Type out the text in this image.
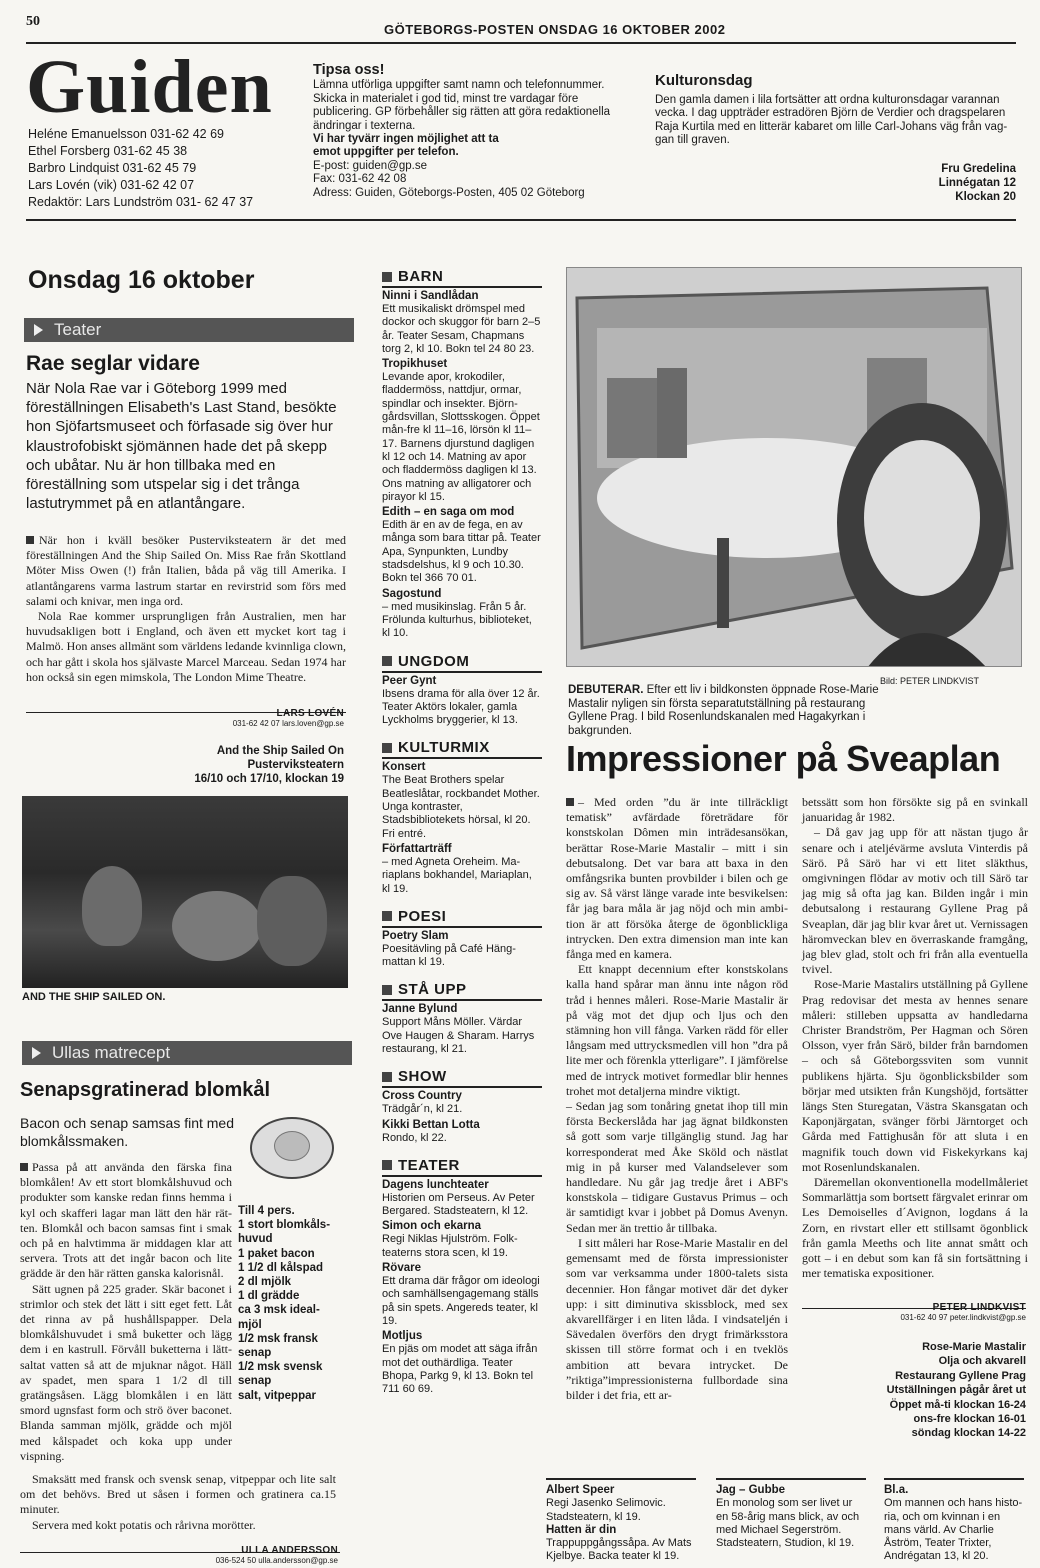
50
GÖTEBORGS-POSTEN ONSDAG 16 OKTOBER 2002
Guiden
Heléne Emanuelsson 031-62 42 69
Ethel Forsberg 031-62 45 38
Barbro Lindquist 031-62 45 79
Lars Lovén (vik) 031-62 42 07
Redaktör: Lars Lundström 031- 62 47 37
Tipsa oss!
Lämna utförliga uppgifter samt namn och telefonnummer.
Skicka in materialet i god tid, minst tre vardagar före
publicering. GP förbehåller sig rätten att göra redaktionella
ändringar i texterna.
Vi har tyvärr ingen möjlighet att ta
emot uppgifter per telefon.
E-post: guiden@gp.se
Fax: 031-62 42 08
Adress: Guiden, Göteborgs-Posten, 405 02 Göteborg
Kulturonsdag
Den gamla damen i lila fortsätter att ordna kulturonsdagar varannan
vecka. I dag uppträder estradören Björn de Verdier och dragspelaren
Raja Kurtila med en litterär kabaret om lille Carl-Johans väg från vag-
gan till graven.
Fru Gredelina
Linnégatan 12
Klockan 20
Onsdag 16 oktober
Teater
Rae seglar vidare
När Nola Rae var i Göteborg 1999 med föreställningen Elisabeth's Last Stand, besökte hon Sjöfartsmuseet och förfasade sig över hur klaustrofobiskt sjömännen hade det på skepp och ubåtar. Nu är hon tillbaka med en föreställning som utspelar sig i det trånga lastutrymmet på en atlantångare.

När hon i kväll besöker Pusterviksteatern är det med föreställningen And the Ship Sailed On. Miss Rae från Skottland Möter Miss Owen (!) från Italien, båda på väg till Amerika. I atlantångarens varma lastrum startar en revirstrid som förs med salami och knivar, men inga ord.

Nola Rae kommer ursprungligen från Australien, men har huvudsakligen bott i England, och även ett mycket kort tag i Malmö. Hon anses allmänt som världens ledande kvinnliga clown, och har gått i skola hos självaste Marcel Marceau. Sedan 1974 har hon också sin egen mimskola, The London Mime Theatre.

LARS LOVÉN
031-62 42 07 lars.loven@gp.se
And the Ship Sailed On
Pusterviksteatern
16/10 och 17/10, klockan 19
AND THE SHIP SAILED ON.
Ullas matrecept
Senapsgratinerad blomkål
Bacon och senap samsas fint med blomkålssmaken.

Passa på att använda den färska fina blomkålen! Av ett stort blomkålshuvud och produkter som kanske redan finns hemma i kyl och skafferi lagar man lätt den här rätten. Blomkål och bacon samsas fint i smak och på en halvtimma är middagen klar att servera. Trots att det ingår bacon och lite grädde är den här rätten ganska kalorisnål.

Sätt ugnen på 225 grader. Skär baconet i strimlor och stek det lätt i sitt eget fett. Låt det rinna av på hushållspapper. Dela blomkålshuvudet i små buketter och lägg dem i en kastrull. Förvåll buketterna i lättsaltat vatten så att de mjuknar något. Häll av spadet, men spara 1 1/2 dl till gratängsåsen. Lägg blomkålen i en lätt smord ugnsfast form och strö över baconet. Blanda samman mjölk, grädde och mjöl med kålspadet och koka upp under vispning.

Smaksätt med fransk och svensk senap, vitpeppar och lite salt om det behövs. Bred ut såsen i formen och gratinera ca.15 minuter.

Servera med kokt potatis och rårivna morötter.

Till 4 pers.
1 stort blomkålshuvud
1 paket bacon
1 1/2 dl kålspad
2 dl mjölk
1 dl grädde
ca 3 msk idealmjöl
1/2 msk fransk senap
1/2 msk svensk senap
salt, vitpeppar
ULLA ANDERSSON
036-524 50 ulla.andersson@gp.se
BARN
Ninni i Sandlådan
Ett musikaliskt drömspel med dockor och skuggor för barn 2–5 år. Teater Sesam, Chapmans torg 2, kl 10. Bokn tel 24 80 23.
Tropikhuset
Levande apor, krokodiler, fladdermöss, nattdjur, ormar, spindlar och insekter. Björngårdsvillan, Slottsskogen. Öppet mån-fre kl 11–16, lörsön kl 11–17. Barnens djurstund dagligen kl 12 och 14. Matning av apor och fladdermöss dagligen kl 13. Ons matning av alligatorer och pirayor kl 15.
Edith – en saga om mod
Edith är en av de fega, en av många som bara tittar på. Teater Apa, Synpunkten, Lundby stadsdelshus, kl 9 och 10.30. Bokn tel 366 70 01.
Sagostund
– med musikinslag. Från 5 år. Frölunda kulturhus, biblioteket, kl 10.
UNGDOM
Peer Gynt
Ibsens drama för alla över 12 år. Teater Aktörs lokaler, gamla Lyckholms bryggerier, kl 13.
KULTURMIX
Konsert
The Beat Brothers spelar Beatleslåtar, rockbandet Mother. Unga kontraster, Stadsbibliotekets hörsal, kl 20. Fri entré.
Författarträff
– med Agneta Oreheim. Mariaplans bokhandel, Mariaplan, kl 19.
POESI
Poetry Slam
Poesitävling på Café Hängmattan kl 19.
STÅ UPP
Janne Bylund
Support Måns Möller. Värdar Ove Haugen & Sharam. Harrys restaurang, kl 21.
SHOW
Cross Country
Trädgår´n, kl 21.
Kikki Bettan Lotta
Rondo, kl 22.
TEATER
Dagens lunchteater
Historien om Perseus. Av Peter Bergared. Stadsteatern, kl 12.
Simon och ekarna
Regi Niklas Hjulström. Folkteaterns stora scen, kl 19.
Rövare
Ett drama där frågor om ideologi och samhällsengagemang ställs på sin spets. Angereds teater, kl 19.
Motljus
En pjäs om modet att säga ifrån mot det outhärdliga. Teater Bhopa, Parkg 9, kl 13. Bokn tel 711 60 69.
Bild: PETER LINDKVIST
DEBUTERAR. Efter ett liv i bildkonsten öppnade Rose-Marie Mastalir nyligen sin första separatutställning på restaurang Gyllene Prag. I bild Rosenlundskanalen med Hagakyrkan i bakgrunden.
Impressioner på Sveaplan

– Med orden ”du är inte tillräckligt tematisk” avfärdade företrädare för konstskolan Dômen min inträdesansökan, berättar Rose-Marie Mastalir – mitt i sin debutsalong. Det var bara att baxa in den omfångsrika bunten provbilder i bilen och ge sig av. Så värst länge varade inte besvikelsen: får jag bara måla är jag nöjd och min ambition är att försöka återge de ögonblickliga intrycken. Den extra dimension man inte kan fånga med en kamera.

Ett knappt decennium efter konstskolans kalla hand spårar man ännu inte någon röd tråd i hennes måleri. Rose-Marie Mastalir är på väg mot det djup och ljus och den stämning hon vill fånga. Varken rädd för eller långsam med uttrycksmedlen vill hon ”dra på lite mer och förenkla ytterligare”. I jämförelse med de intryck motivet formedlar blir hennes trohet mot detaljerna mindre viktigt.

– Sedan jag som tonåring gnetat ihop till min första Beckerslåda har jag ägnat bildkonsten så gott som varje tillgänglig stund. Jag har korresponderat med Åke Sköld och nästlat mig in på kurser med Valandselever som handledare. Nu går jag tredje året i ABF's konstskola – tidigare Gustavus Primus – och är samtidigt kvar i jobbet på Domus Avenyn. Sedan mer än trettio år tillbaka.

I sitt måleri har Rose-Marie Mastalir en del gemensamt med de första impressionister som var verksamma under 1800-talets sista decennier. Hon fångar motivet där det dyker upp: i sitt diminutiva skissblock, med sex akvarellfärger i en liten låda. I vindsateljén i Sävedalen överförs den drygt frimärksstora skissen till större format och i en tveklös ambition att bevara intrycket. De ”riktiga”impressionisterna fullbordade sina bilder i det fria, ett ar-

betssätt som hon försökte sig på en svinkall januaridag år 1982.

– Då gav jag upp för att nästan tjugo år senare och i ateljévärme avsluta Vinterdis på Särö. På Särö har vi ett litet släkthus, omgivningen flödar av motiv och till Särö tar jag mig så ofta jag kan. Bilden ingår i min debutsalong i restaurang Gyllene Prag på Sveaplan, där jag blir kvar året ut. Vernissagen häromveckan blev en överraskande framgång, jag blev glad, stolt och fri från alla eventuella tvivel.

Rose-Marie Mastalirs utställning på Gyllene Prag redovisar det mesta av hennes senare måleri: stilleben uppsatta av handledarna Christer Brandström, Per Hagman och Sören Olsson, vyer från Särö, bilder från barndomen – och så Göteborgssviten som vunnit publikens hjärta. Sju ögonblicksbilder som börjar med utsikten från Kungshöjd, fortsätter längs Sten Sturegatan, Västra Skansgatan och Kaponjärgatan, svänger förbi Järntorget och Gårda med Fattighusån för att sluta i en magnifik touch down vid Fiskekyrkans kaj mot Rosenlundskanalen.

Däremellan okonventionella modellmåleriet Sommarlättja som bortsett färgvalet erinrar om Les Demoiselles d´Avignon, logdans á la Zorn, en rivstart eller ett stillsamt ögonblick från gamla Meeths och lite annat smått och gott – i en debut som kan få sin fortsättning i mer tematiska expositioner.

PETER LINDKVIST
031-62 40 97 peter.lindkvist@gp.se
Rose-Marie Mastalir
Olja och akvarell
Restaurang Gyllene Prag
Utställningen pågår året ut
Öppet må-ti klockan 16-24
ons-fre klockan 16-01
söndag klockan 14-22
Albert Speer
Regi Jasenko Selimovic. Stadsteatern, kl 19.
Hatten är din
Trappuppgångssåpa. Av Mats Kjelbye. Backa teater kl 19.
Jag – Gubbe
En monolog som ser livet ur en 58-årig mans blick, av och med Michael Segerström. Stadsteatern, Studion, kl 19.
Bl.a.
Om mannen och hans historia, och om kvinnan i en mans värld. Av Charlie Åström, Teater Trixter, Andrégatan 13, kl 20.
